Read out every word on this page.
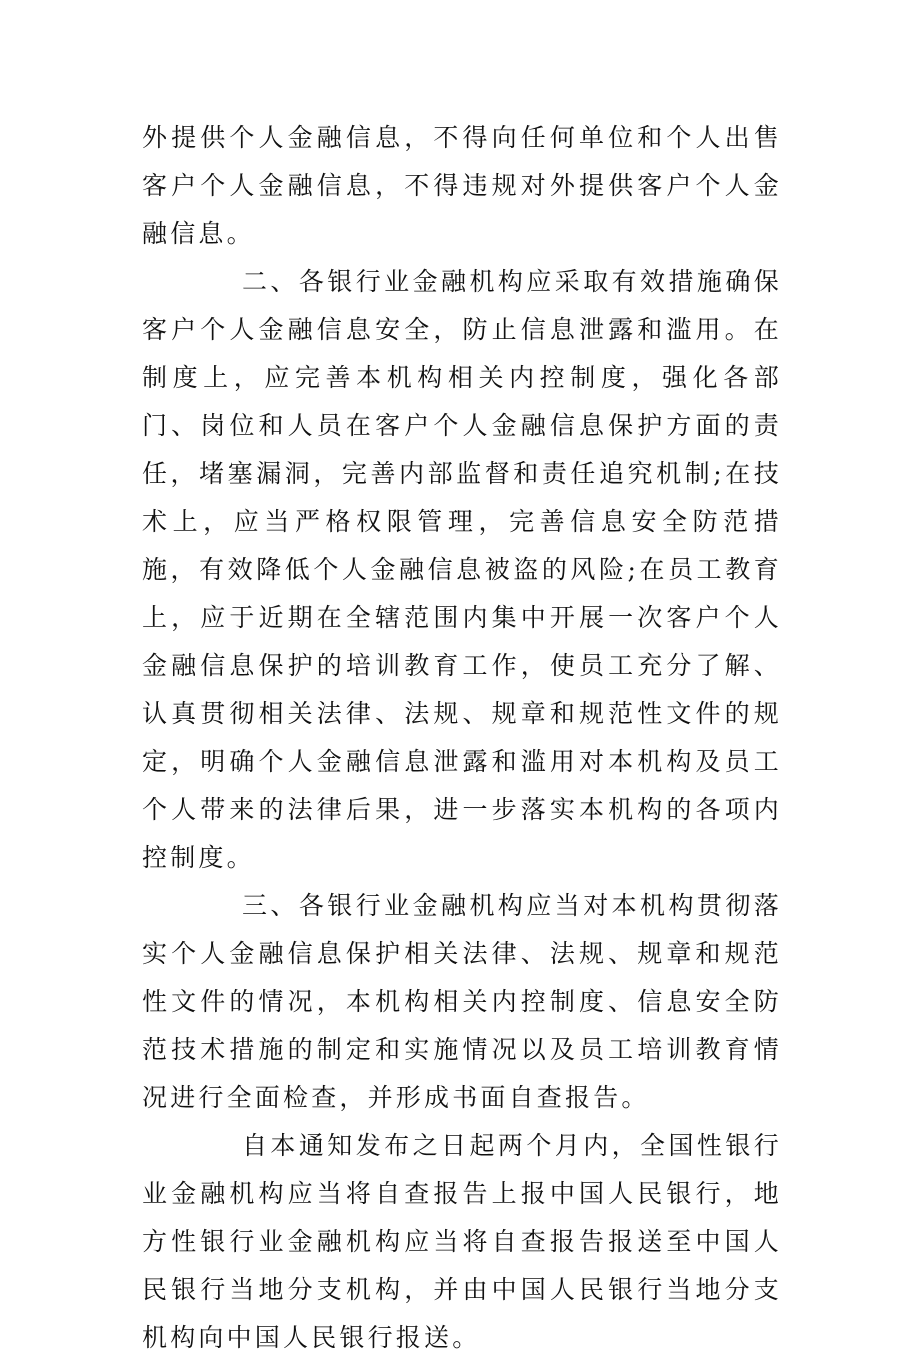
外提供个人金融信息，不得向任何单位和个人出售客户个人金融信息，不得违规对外提供客户个人金融信息。

二、各银行业金融机构应采取有效措施确保客户个人金融信息安全，防止信息泄露和滥用。在制度上，应完善本机构相关内控制度，强化各部门、岗位和人员在客户个人金融信息保护方面的责任，堵塞漏洞，完善内部监督和责任追究机制;在技术上，应当严格权限管理，完善信息安全防范措施，有效降低个人金融信息被盗的风险;在员工教育上，应于近期在全辖范围内集中开展一次客户个人金融信息保护的培训教育工作，使员工充分了解、认真贯彻相关法律、法规、规章和规范性文件的规定，明确个人金融信息泄露和滥用对本机构及员工个人带来的法律后果，进一步落实本机构的各项内控制度。

三、各银行业金融机构应当对本机构贯彻落实个人金融信息保护相关法律、法规、规章和规范性文件的情况，本机构相关内控制度、信息安全防范技术措施的制定和实施情况以及员工培训教育情况进行全面检查，并形成书面自查报告。

自本通知发布之日起两个月内，全国性银行业金融机构应当将自查报告上报中国人民银行，地方性银行业金融机构应当将自查报告报送至中国人民银行当地分支机构，并由中国人民银行当地分支机构向中国人民银行报送。
